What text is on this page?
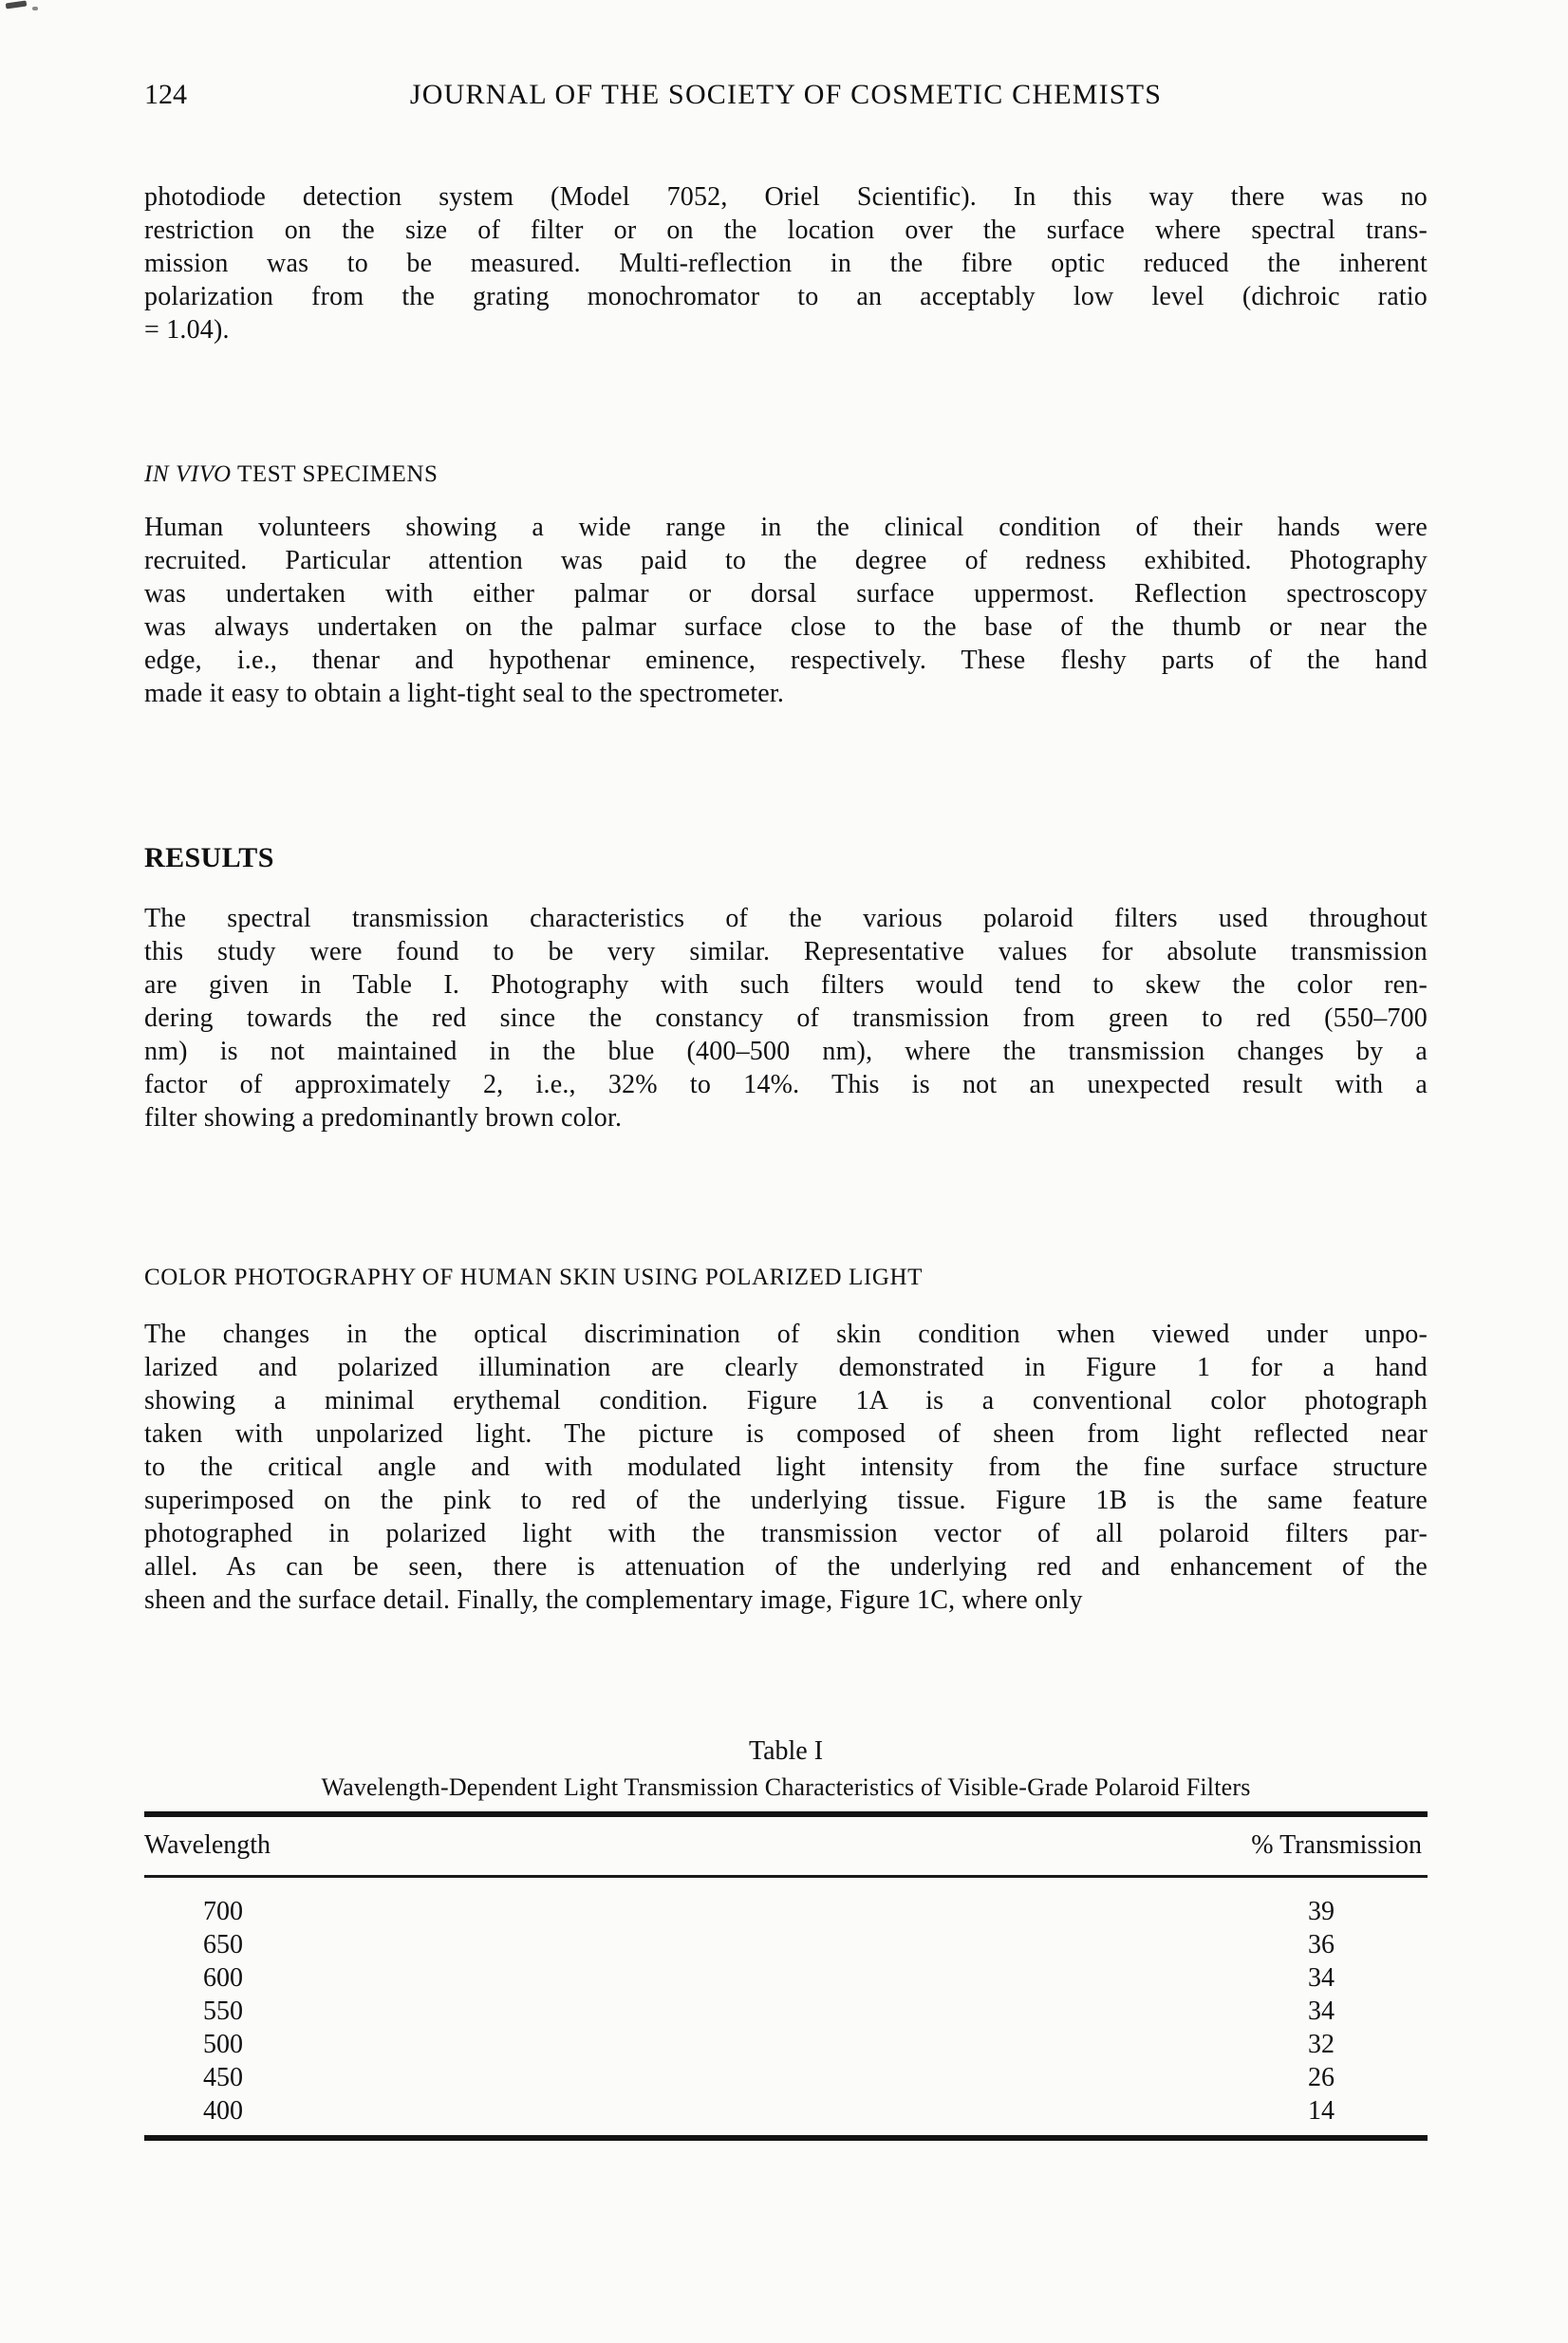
124	JOURNAL OF THE SOCIETY OF COSMETIC CHEMISTS
photodiode detection system (Model 7052, Oriel Scientific). In this way there was no
restriction on the size of filter or on the location over the surface where spectral trans-
mission was to be measured. Multi-reflection in the fibre optic reduced the inherent
polarization from the grating monochromator to an acceptably low level (dichroic ratio
= 1.04).
IN VIVO TEST SPECIMENS
Human volunteers showing a wide range in the clinical condition of their hands were
recruited. Particular attention was paid to the degree of redness exhibited. Photography
was undertaken with either palmar or dorsal surface uppermost. Reflection spectroscopy
was always undertaken on the palmar surface close to the base of the thumb or near the
edge, i.e., thenar and hypothenar eminence, respectively. These fleshy parts of the hand
made it easy to obtain a light-tight seal to the spectrometer.
RESULTS
The spectral transmission characteristics of the various polaroid filters used throughout
this study were found to be very similar. Representative values for absolute transmission
are given in Table I. Photography with such filters would tend to skew the color ren-
dering towards the red since the constancy of transmission from green to red (550–700
nm) is not maintained in the blue (400–500 nm), where the transmission changes by a
factor of approximately 2, i.e., 32% to 14%. This is not an unexpected result with a
filter showing a predominantly brown color.
COLOR PHOTOGRAPHY OF HUMAN SKIN USING POLARIZED LIGHT
The changes in the optical discrimination of skin condition when viewed under unpo-
larized and polarized illumination are clearly demonstrated in Figure 1 for a hand
showing a minimal erythemal condition. Figure 1A is a conventional color photograph
taken with unpolarized light. The picture is composed of sheen from light reflected near
to the critical angle and with modulated light intensity from the fine surface structure
superimposed on the pink to red of the underlying tissue. Figure 1B is the same feature
photographed in polarized light with the transmission vector of all polaroid filters par-
allel. As can be seen, there is attenuation of the underlying red and enhancement of the
sheen and the surface detail. Finally, the complementary image, Figure 1C, where only
Table I
Wavelength-Dependent Light Transmission Characteristics of Visible-Grade Polaroid Filters
Wavelength	% Transmission
700	39
650	36
600	34
550	34
500	32
450	26
400	14
